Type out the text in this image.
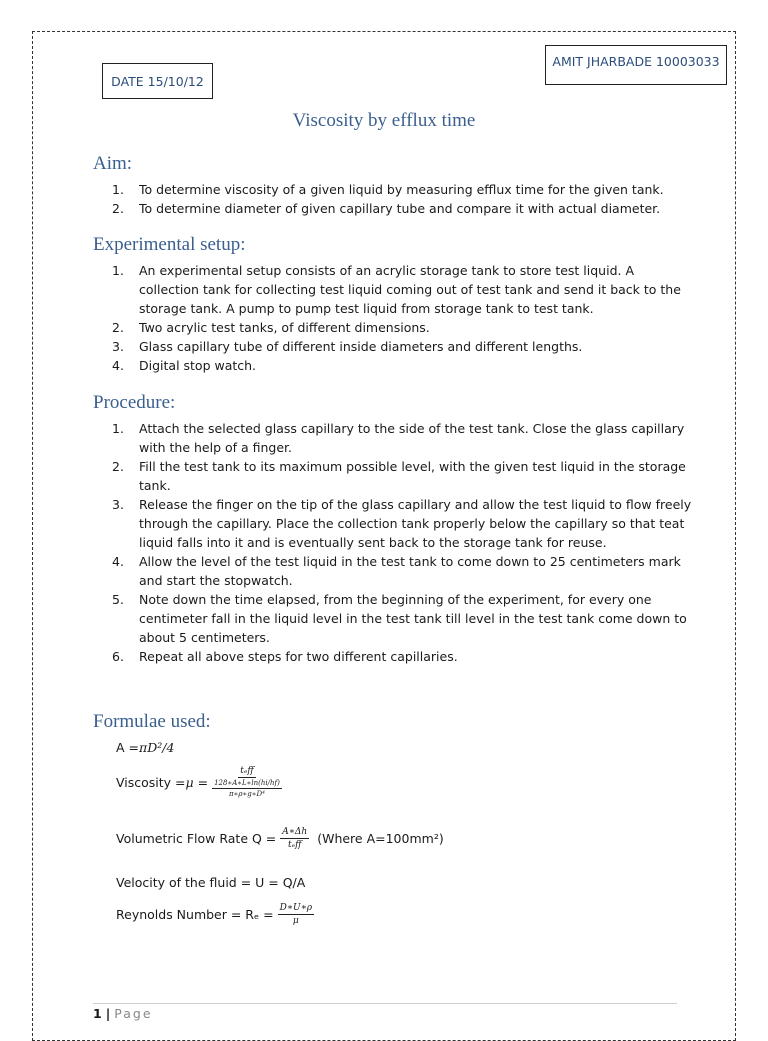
DATE 15/10/12
AMIT JHARBADE 10003033
Viscosity by efflux time
Aim:
1. To determine viscosity of a given liquid by measuring efflux time for the given tank.
2. To determine diameter of given capillary tube and compare it with actual diameter.
Experimental setup:
1. An experimental setup consists of an acrylic storage tank to store test liquid. A collection tank for collecting test liquid coming out of test tank and send it back to the storage tank. A pump to pump test liquid from storage tank to test tank.
2. Two acrylic test tanks, of different dimensions.
3. Glass capillary tube of different inside diameters and different lengths.
4. Digital stop watch.
Procedure:
1. Attach the selected glass capillary to the side of the test tank. Close the glass capillary with the help of a finger.
2. Fill the test tank to its maximum possible level, with the given test liquid in the storage tank.
3. Release the finger on the tip of the glass capillary and allow the test liquid to flow freely through the capillary. Place the collection tank properly below the capillary so that teat liquid falls into it and is eventually sent back to the storage tank for reuse.
4. Allow the level of the test liquid in the test tank to come down to 25 centimeters mark and start the stopwatch.
5. Note down the time elapsed, from the beginning of the experiment, for every one centimeter fall in the liquid level in the test tank till level in the test tank come down to about 5 centimeters.
6. Repeat all above steps for two different capillaries.
Formulae used:
A = πD²/4
Viscosity = $\mu = \frac{\text{tₑff}}{\frac{128∗A∗L∗\ln(hi/hf)}{\text{π∗ρ∗g∗D⁴}}}$
Volumetric Flow Rate $Q = \frac{A∗\Delta h}{\text{tₑff}}$ (Where A=100mm²)
Velocity of the fluid = U = Q/A
Reynolds Number = $R_e = \frac{D∗U∗\rho}{\mu}$
1 | Page
